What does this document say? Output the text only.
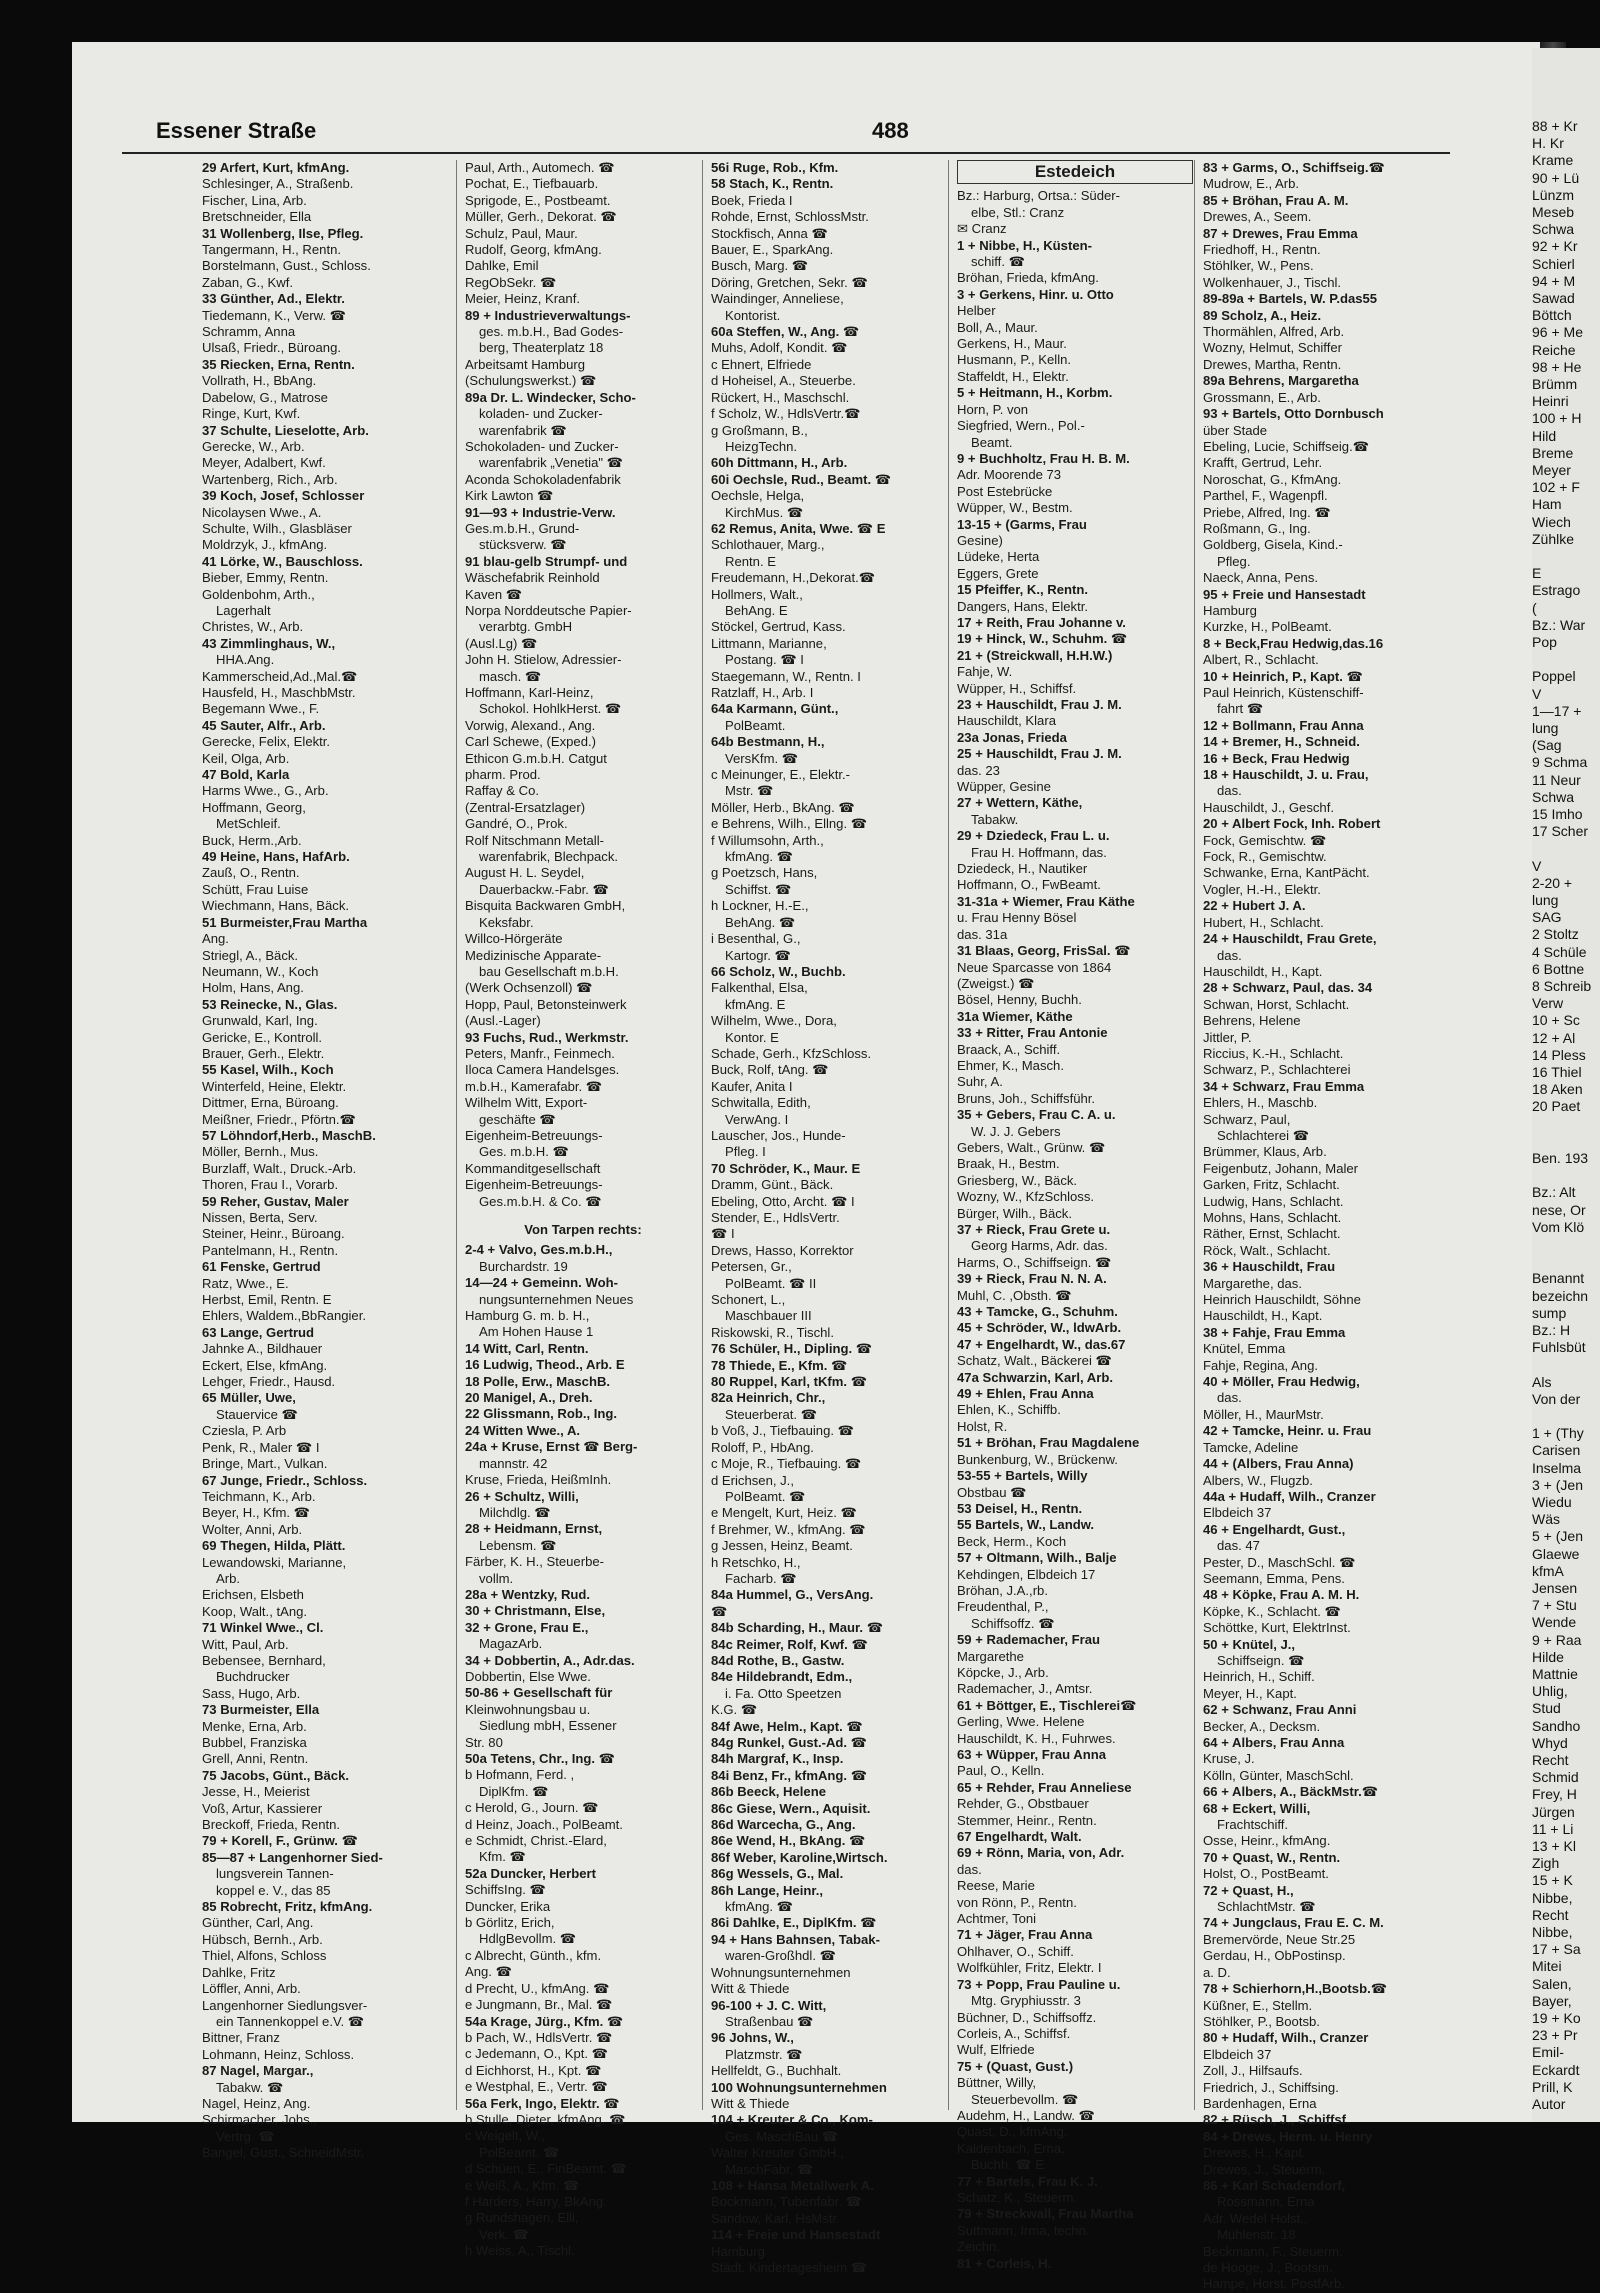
Essener Straße	488
29 Arfert, Kurt, kfmAng.
Schlesinger, A., Straßenb.
Fischer, Lina, Arb.
Bretschneider, Ella
31 Wollenberg, Ilse, Pfleg.
Tangermann, H., Rentn.
Borstelmann, Gust., Schloss.
Zaban, G., Kwf.
33 Günther, Ad., Elektr.
Tiedemann, K., Verw. ☎
Schramm, Anna
Ulsaß, Friedr., Büroang.
35 Riecken, Erna, Rentn.
Vollrath, H., BbAng.
Dabelow, G., Matrose
Ringe, Kurt, Kwf.
37 Schulte, Lieselotte, Arb.
Gerecke, W., Arb.
Meyer, Adalbert, Kwf.
Wartenberg, Rich., Arb.
39 Koch, Josef, Schlosser
Nicolaysen Wwe., A.
Schulte, Wilh., Glasbläser
Moldrzyk, J., kfmAng.
41 Lörke, W., Bauschloss.
Bieber, Emmy, Rentn.
Goldenbohm, Arth.,
Lagerhalt
Christes, W., Arb.
43 Zimmlinghaus, W.,
HHA.Ang.
Kammerscheid,Ad.,Mal.☎
Hausfeld, H., MaschbMstr.
Begemann Wwe., F.
45 Sauter, Alfr., Arb.
Gerecke, Felix, Elektr.
Keil, Olga, Arb.
47 Bold, Karla
Harms Wwe., G., Arb.
Hoffmann, Georg,
MetSchleif.
Buck, Herm.,Arb.
49 Heine, Hans, HafArb.
Zauß, O., Rentn.
Schütt, Frau Luise
Wiechmann, Hans, Bäck.
51 Burmeister,Frau Martha
Ang.
Striegl, A., Bäck.
Neumann, W., Koch
Holm, Hans, Ang.
53 Reinecke, N., Glas.
Grunwald, Karl, Ing.
Gericke, E., Kontroll.
Brauer, Gerh., Elektr.
55 Kasel, Wilh., Koch
Winterfeld, Heine, Elektr.
Dittmer, Erna, Büroang.
Meißner, Friedr., Pförtn.☎
57 Löhndorf,Herb., MaschB.
Möller, Bernh., Mus.
Burzlaff, Walt., Druck.-Arb.
Thoren, Frau I., Vorarb.
59 Reher, Gustav, Maler
Nissen, Berta, Serv.
Steiner, Heinr., Büroang.
Pantelmann, H., Rentn.
61 Fenske, Gertrud
Ratz, Wwe., E.
Herbst, Emil, Rentn. E
Ehlers, Waldem.,BbRangier.
63 Lange, Gertrud
Jahnke A., Bildhauer
Eckert, Else, kfmAng.
Lehger, Friedr., Hausd.
65 Müller, Uwe,
Stauervice ☎
Cziesla, P. Arb
Penk, R., Maler ☎ I
Bringe, Mart., Vulkan.
67 Junge, Friedr., Schloss.
Teichmann, K., Arb.
Beyer, H., Kfm. ☎
Wolter, Anni, Arb.
69 Thegen, Hilda, Plätt.
Lewandowski, Marianne,
Arb.
Erichsen, Elsbeth
Koop, Walt., tAng.
71 Winkel Wwe., Cl.
Witt, Paul, Arb.
Bebensee, Bernhard,
Buchdrucker
Sass, Hugo, Arb.
73 Burmeister, Ella
Menke, Erna, Arb.
Bubbel, Franziska
Grell, Anni, Rentn.
75 Jacobs, Günt., Bäck.
Jesse, H., Meierist
Voß, Artur, Kassierer
Breckoff, Frieda, Rentn.
79 + Korell, F., Grünw. ☎
85—87 + Langenhorner Sied-
lungsverein Tannen-
koppel e. V., das 85
85 Robrecht, Fritz, kfmAng.
Günther, Carl, Ang.
Hübsch, Bernh., Arb.
Thiel, Alfons, Schloss
Dahlke, Fritz
Löffler, Anni, Arb.
Langenhorner Siedlungsver-
ein Tannenkoppel e.V. ☎
Bittner, Franz
Lohmann, Heinz, Schloss.
87 Nagel, Margar.,
Tabakw. ☎
Nagel, Heinz, Ang.
Schirmacher, Johs.,
Vertrg. ☎
Bangel, Gust., SchneidMstr.
Paul, Arth., Automech. ☎
Pochat, E., Tiefbauarb.
Sprigode, E., Postbeamt.
Müller, Gerh., Dekorat. ☎
Schulz, Paul, Maur.
Rudolf, Georg, kfmAng.
Dahlke, Emil
RegObSekr. ☎
Meier, Heinz, Kranf.
89 + Industrieverwaltungs-
ges. m.b.H., Bad Godes-
berg, Theaterplatz 18
Arbeitsamt Hamburg
(Schulungswerkst.) ☎
89a Dr. L. Windecker, Scho-
koladen- und Zucker-
warenfabrik ☎
Schokoladen- und Zucker-
warenfabrik „Venetia" ☎
Aconda Schokoladenfabrik
Kirk Lawton ☎
91—93 + Industrie-Verw.
Ges.m.b.H., Grund-
stücksverw. ☎
91 blau-gelb Strumpf- und
Wäschefabrik Reinhold
Kaven ☎
Norpa Norddeutsche Papier-
verarbtg. GmbH
(Ausl.Lg) ☎
John H. Stielow, Adressier-
masch. ☎
Hoffmann, Karl-Heinz,
Schokol. HohlkHerst. ☎
Vorwig, Alexand., Ang.
Carl Schewe, (Exped.)
Ethicon G.m.b.H. Catgut
pharm. Prod.
Raffay & Co.
(Zentral-Ersatzlager)
Gandré, O., Prok.
Rolf Nitschmann Metall-
warenfabrik, Blechpack.
August H. L. Seydel,
Dauerbackw.-Fabr. ☎
Bisquita Backwaren GmbH,
Keksfabr.
Willco-Hörgeräte
Medizinische Apparate-
bau Gesellschaft m.b.H.
(Werk Ochsenzoll) ☎
Hopp, Paul, Betonsteinwerk
(Ausl.-Lager)
93 Fuchs, Rud., Werkmstr.
Peters, Manfr., Feinmech.
Iloca Camera Handelsges.
m.b.H., Kamerafabr. ☎
Wilhelm Witt, Export-
geschäfte ☎
Eigenheim-Betreuungs-
Ges. m.b.H. ☎
Kommanditgesellschaft
Eigenheim-Betreuungs-
Ges.m.b.H. & Co. ☎
Von Tarpen rechts:
2-4 + Valvo, Ges.m.b.H.,
Burchardstr. 19
14—24 + Gemeinn. Woh-
nungsunternehmen Neues
Hamburg G. m. b. H.,
Am Hohen Hause 1
14 Witt, Carl, Rentn.
16 Ludwig, Theod., Arb. E
18 Polle, Erw., MaschB.
20 Manigel, A., Dreh.
22 Glissmann, Rob., Ing.
24 Witten Wwe., A.
24a + Kruse, Ernst ☎ Berg-
mannstr. 42
Kruse, Frieda, HeißmInh.
26 + Schultz, Willi,
Milchdlg. ☎
28 + Heidmann, Ernst,
Lebensm. ☎
Färber, K. H., Steuerbe-
vollm.
28a + Wentzky, Rud.
30 + Christmann, Else,
32 + Grone, Frau E.,
MagazArb.
34 + Dobbertin, A., Adr.das.
Dobbertin, Else Wwe.
50-86 + Gesellschaft für
Kleinwohnungsbau u.
Siedlung mbH, Essener
Str. 80
50a Tetens, Chr., Ing. ☎
b Hofmann, Ferd. ,
DiplKfm. ☎
c Herold, G., Journ. ☎
d Heinz, Joach., PolBeamt.
e Schmidt, Christ.-Elard,
Kfm. ☎
52a Duncker, Herbert
SchiffsIng. ☎
Duncker, Erika
b Görlitz, Erich,
HdlgBevollm. ☎
c Albrecht, Günth., kfm.
Ang. ☎
d Precht, U., kfmAng. ☎
e Jungmann, Br., Mal. ☎
54a Krage, Jürg., Kfm. ☎
b Pach, W., HdlsVertr. ☎
c Jedemann, O., Kpt. ☎
d Eichhorst, H., Kpt. ☎
e Westphal, E., Vertr. ☎
56a Ferk, Ingo, Elektr. ☎
b Stulle, Dieter, kfmAng. ☎
c Weigelt, W.,
PolBeamt. ☎
d Schüen, E., FinBeamt. ☎
e Weiß, A., Kfm. ☎
f Harders, Harry, BkAng.
g Rundshagen, Elli,
Verk. ☎
h Weiss, A., Tischl.
56i Ruge, Rob., Kfm.
58 Stach, K., Rentn.
Boek, Frieda I
Rohde, Ernst, SchlossMstr.
Stockfisch, Anna ☎
Bauer, E., SparkAng.
Busch, Marg. ☎
Döring, Gretchen, Sekr. ☎
Waindinger, Anneliese,
Kontorist.
60a Steffen, W., Ang. ☎
Muhs, Adolf, Kondit. ☎
c Ehnert, Elfriede
d Hoheisel, A., Steuerbe.
Rückert, H., Maschschl.
f Scholz, W., HdlsVertr.☎
g Großmann, B.,
HeizgTechn.
60h Dittmann, H., Arb.
60i Oechsle, Rud., Beamt. ☎
Oechsle, Helga,
KirchMus. ☎
62 Remus, Anita, Wwe. ☎ E
Schlothauer, Marg.,
Rentn. E
Freudemann, H.,Dekorat.☎
Hollmers, Walt.,
BehAng. E
Stöckel, Gertrud, Kass.
Littmann, Marianne,
Postang. ☎ I
Staegemann, W., Rentn. I
Ratzlaff, H., Arb. I
64a Karmann, Günt.,
PolBeamt.
64b Bestmann, H.,
VersKfm. ☎
c Meinunger, E., Elektr.-
Mstr. ☎
Möller, Herb., BkAng. ☎
e Behrens, Wilh., Ellng. ☎
f Willumsohn, Arth.,
kfmAng. ☎
g Poetzsch, Hans,
Schiffst. ☎
h Lockner, H.-E.,
BehAng. ☎
i Besenthal, G.,
Kartogr. ☎
66 Scholz, W., Buchb.
Falkenthal, Elsa,
kfmAng. E
Wilhelm, Wwe., Dora,
Kontor. E
Schade, Gerh., KfzSchloss.
Buck, Rolf, tAng. ☎
Kaufer, Anita I
Schwitalla, Edith,
VerwAng. I
Lauscher, Jos., Hunde-
Pfleg. I
70 Schröder, K., Maur. E
Dramm, Günt., Bäck.
Ebeling, Otto, Archt. ☎ I
Stender, E., HdlsVertr.
☎ I
Drews, Hasso, Korrektor
Petersen, Gr.,
PolBeamt. ☎ II
Schonert, L.,
Maschbauer III
Riskowski, R., Tischl.
76 Schüler, H., Dipling. ☎
78 Thiede, E., Kfm. ☎
80 Ruppel, Karl, tKfm. ☎
82a Heinrich, Chr.,
Steuerberat. ☎
b Voß, J., Tiefbauing. ☎
Roloff, P., HbAng.
c Moje, R., Tiefbauing. ☎
d Erichsen, J.,
PolBeamt. ☎
e Mengelt, Kurt, Heiz. ☎
f Brehmer, W., kfmAng. ☎
g Jessen, Heinz, Beamt.
h Retschko, H.,
Facharb. ☎
84a Hummel, G., VersAng.
☎
84b Scharding, H., Maur. ☎
84c Reimer, Rolf, Kwf. ☎
84d Rothe, B., Gastw.
84e Hildebrandt, Edm.,
i. Fa. Otto Speetzen
K.G. ☎
84f Awe, Helm., Kapt. ☎
84g Runkel, Gust.-Ad. ☎
84h Margraf, K., Insp.
84i Benz, Fr., kfmAng. ☎
86b Beeck, Helene
86c Giese, Wern., Aquisit.
86d Warcecha, G., Ang.
86e Wend, H., BkAng. ☎
86f Weber, Karoline,Wirtsch.
86g Wessels, G., Mal.
86h Lange, Heinr.,
kfmAng. ☎
86i Dahlke, E., DiplKfm. ☎
94 + Hans Bahnsen, Tabak-
waren-Großhdl. ☎
Wohnungsunternehmen
Witt & Thiede
96-100 + J. C. Witt,
Straßenbau ☎
96 Johns, W.,
Platzmstr. ☎
Hellfeldt, G., Buchhalt.
100 Wohnungsunternehmen
Witt & Thiede
104 + Kreuter & Co., Kom-
Ges. MaschBau ☎
Walter Kreuter GmbH.,
MaschFabr. ☎
108 + Hansa Metallwerk A.
Bockmann, Tubenfabr. ☎
Sandow, Karl, HsMstr.
114 + Freie und Hansestadt
Hamburg
Städt. Kindertagesheim ☎
Estedeich
Bz.: Harburg, Ortsa.: Süder-
elbe, Stl.: Cranz
✉ Cranz
1 + Nibbe, H., Küsten-
schiff. ☎
Bröhan, Frieda, kfmAng.
3 + Gerkens, Hinr. u. Otto
Helber
Boll, A., Maur.
Gerkens, H., Maur.
Husmann, P., Kelln.
Staffeldt, H., Elektr.
5 + Heitmann, H., Korbm.
Horn, P. von
Siegfried, Wern., Pol.-
Beamt.
9 + Buchholtz, Frau H. B. M.
Adr. Moorende 73
Post Estebrücke
Wüpper, W., Bestm.
13-15 + (Garms, Frau
Gesine)
Lüdeke, Herta
Eggers, Grete
15 Pfeiffer, K., Rentn.
Dangers, Hans, Elektr.
17 + Reith, Frau Johanne v.
19 + Hinck, W., Schuhm. ☎
21 + (Streickwall, H.H.W.)
Fahje, W.
Wüpper, H., Schiffsf.
23 + Hauschildt, Frau J. M.
Hauschildt, Klara
23a Jonas, Frieda
25 + Hauschildt, Frau J. M.
das. 23
Wüpper, Gesine
27 + Wettern, Käthe,
Tabakw.
29 + Dziedeck, Frau L. u.
Frau H. Hoffmann, das.
Dziedeck, H., Nautiker
Hoffmann, O., FwBeamt.
31-31a + Wiemer, Frau Käthe
u. Frau Henny Bösel
das. 31a
31 Blaas, Georg, FrisSal. ☎
Neue Sparcasse von 1864
(Zweigst.) ☎
Bösel, Henny, Buchh.
31a Wiemer, Käthe
33 + Ritter, Frau Antonie
Braack, A., Schiff.
Ehmer, K., Masch.
Suhr, A.
Bruns, Joh., Schiffsführ.
35 + Gebers, Frau C. A. u.
W. J. J. Gebers
Gebers, Walt., Grünw. ☎
Braak, H., Bestm.
Griesberg, W., Bäck.
Wozny, W., KfzSchloss.
Bürger, Wilh., Bäck.
37 + Rieck, Frau Grete u.
Georg Harms, Adr. das.
Harms, O., Schiffseign. ☎
39 + Rieck, Frau N. N. A.
Muhl, C. ,Obsth. ☎
43 + Tamcke, G., Schuhm.
45 + Schröder, W., ldwArb.
47 + Engelhardt, W., das.67
Schatz, Walt., Bäckerei ☎
47a Schwarzin, Karl, Arb.
49 + Ehlen, Frau Anna
Ehlen, K., Schiffb.
Holst, R.
51 + Bröhan, Frau Magdalene
Bunkenburg, W., Brückenw.
53-55 + Bartels, Willy
Obstbau ☎
53 Deisel, H., Rentn.
55 Bartels, W., Landw.
Beck, Herm., Koch
57 + Oltmann, Wilh., Balje
Kehdingen, Elbdeich 17
Bröhan, J.A.,rb.
Freudenthal, P.,
Schiffsoffz. ☎
59 + Rademacher, Frau
Margarethe
Köpcke, J., Arb.
Rademacher, J., Amtsr.
61 + Böttger, E., Tischlerei☎
Gerling, Wwe. Helene
Hauschildt, K. H., Fuhrwes.
63 + Wüpper, Frau Anna
Paul, O., Kelln.
65 + Rehder, Frau Anneliese
Rehder, G., Obstbauer
Stemmer, Heinr., Rentn.
67 Engelhardt, Walt.
69 + Rönn, Maria, von, Adr.
das.
Reese, Marie
von Rönn, P., Rentn.
Achtmer, Toni
71 + Jäger, Frau Anna
Ohlhaver, O., Schiff.
Wolfkühler, Fritz, Elektr. I
73 + Popp, Frau Pauline u.
Mtg. Gryphiusstr. 3
Büchner, D., Schiffsoffz.
Corleis, A., Schiffsf.
Wulf, Elfriede
75 + (Quast, Gust.)
Büttner, Willy,
Steuerbevollm. ☎
Audehm, H., Landw. ☎
Quast, D., kfmAng.
Kaldenbach, Erna,
Buchh. ☎ E
77 + Bartels, Frau K. J.
Schatz, K., Steuerm.
79 + Streckwall, Frau Martha
Suttmann, Irma, techn.
Zeichn.
81 + Corleis, H.
83 + Garms, O., Schiffseig.☎
Mudrow, E., Arb.
85 + Bröhan, Frau A. M.
Drewes, A., Seem.
87 + Drewes, Frau Emma
Friedhoff, H., Rentn.
Stöhlker, W., Pens.
Wolkenhauer, J., Tischl.
89-89a + Bartels, W. P.das55
89 Scholz, A., Heiz.
Thormählen, Alfred, Arb.
Wozny, Helmut, Schiffer
Drewes, Martha, Rentn.
89a Behrens, Margaretha
Grossmann, E., Arb.
93 + Bartels, Otto Dornbusch
über Stade
Ebeling, Lucie, Schiffseig.☎
Krafft, Gertrud, Lehr.
Noroschat, G., KfmAng.
Parthel, F., Wagenpfl.
Priebe, Alfred, Ing. ☎
Roßmann, G., Ing.
Goldberg, Gisela, Kind.-
Pfleg.
Naeck, Anna, Pens.
95 + Freie und Hansestadt
Hamburg
Kurzke, H., PolBeamt.
8 + Beck,Frau Hedwig,das.16
Albert, R., Schlacht.
10 + Heinrich, P., Kapt. ☎
Paul Heinrich, Küstenschiff-
fahrt ☎
12 + Bollmann, Frau Anna
14 + Bremer, H., Schneid.
16 + Beck, Frau Hedwig
18 + Hauschildt, J. u. Frau,
das.
Hauschildt, J., Geschf.
20 + Albert Fock, Inh. Robert
Fock, Gemischtw. ☎
Fock, R., Gemischtw.
Schwanke, Erna, KantPächt.
Vogler, H.-H., Elektr.
22 + Hubert J. A.
Hubert, H., Schlacht.
24 + Hauschildt, Frau Grete,
das.
Hauschildt, H., Kapt.
28 + Schwarz, Paul, das. 34
Schwan, Horst, Schlacht.
Behrens, Helene
Jittler, P.
Riccius, K.-H., Schlacht.
Schwarz, P., Schlachterei
34 + Schwarz, Frau Emma
Ehlers, H., Maschb.
Schwarz, Paul,
Schlachterei ☎
Brümmer, Klaus, Arb.
Feigenbutz, Johann, Maler
Garken, Fritz, Schlacht.
Ludwig, Hans, Schlacht.
Mohns, Hans, Schlacht.
Räther, Ernst, Schlacht.
Röck, Walt., Schlacht.
36 + Hauschildt, Frau
Margarethe, das.
Heinrich Hauschildt, Söhne
Hauschildt, H., Kapt.
38 + Fahje, Frau Emma
Knütel, Emma
Fahje, Regina, Ang.
40 + Möller, Frau Hedwig,
das.
Möller, H., MaurMstr.
42 + Tamcke, Heinr. u. Frau
Tamcke, Adeline
44 + (Albers, Frau Anna)
Albers, W., Flugzb.
44a + Hudaff, Wilh., Cranzer
Elbdeich 37
46 + Engelhardt, Gust.,
das. 47
Pester, D., MaschSchl. ☎
Seemann, Emma, Pens.
48 + Köpke, Frau A. M. H.
Köpke, K., Schlacht. ☎
Schöttke, Kurt, ElektrInst.
50 + Knütel, J.,
Schiffseign. ☎
Heinrich, H., Schiff.
Meyer, H., Kapt.
62 + Schwanz, Frau Anni
Becker, A., Decksm.
64 + Albers, Frau Anna
Kruse, J.
Kölln, Günter, MaschSchl.
66 + Albers, A., BäckMstr.☎
68 + Eckert, Willi,
Frachtschiff.
Osse, Heinr., kfmAng.
70 + Quast, W., Rentn.
Holst, O., PostBeamt.
72 + Quast, H.,
SchlachtMstr. ☎
74 + Jungclaus, Frau E. C. M.
Bremervörde, Neue Str.25
Gerdau, H., ObPostinsp.
a. D.
78 + Schierhorn,H.,Bootsb.☎
Küßner, E., Stellm.
Stöhlker, P., Bootsb.
80 + Hudaff, Wilh., Cranzer
Elbdeich 37
Zoll, J., Hilfsaufs.
Friedrich, J., Schiffsing.
Bardenhagen, Erna
82 + Rüsch, J., Schiffsf.
84 + Drews, Herm. u. Henry
Drewes, H., Kapt.
Drewes, J., Steuerm.
86 + Karl Schadendorf,
Rossmann, Erna
Adr. Wedel Holst.,
Mühlenstr. 18
Beckmann, F., Steuerm.
de Hooge, J., Bootsm.
Hampe, Horst, PostfArb.
88 + Kr
H. Kr
Krame
90 + Lü
Lünzm
Meseb
Schwa
92 + Kr
Schierl
94 + M
Sawad
Böttch
96 + Me
Reiche
98 + He
Brümm
Heinri
100 + H
Hild
Breme
Meyer
102 + F
Ham
Wiech
Zühlke
E
Estrago
(
Bz.: War
Pop
Poppel
V
1—17 +
lung
(Sag
9 Schma
11 Neur
Schwa
15 Imho
17 Scher
V
2-20 +
lung
SAG
2 Stoltz
4 Schüle
6 Bottne
8 Schreib
Verw
10 + Sc
12 + Al
14 Pless
16 Thiel
18 Aken
20 Paet
Ben. 193
Bz.: Alt
nese, Or
Vom Klö
Benannt
bezeichn
sump
Bz.: H
Fuhlsbüt
Als
Von der
1 + (Thy
Carisen
Inselma
3 + (Jen
Wiedu
Wäs
5 + (Jen
Glaewe
kfmA
Jensen
7 + Stu
Wende
9 + Raa
Hilde
Mattnie
Uhlig,
Stud
Sandho
Whyd
Recht
Schmid
Frey, H
Jürgen
11 + Li
13 + Kl
Zigh
15 + K
Nibbe,
Recht
Nibbe,
17 + Sa
Mitei
Salen,
Bayer,
19 + Ko
23 + Pr
Emil-
Eckardt
Prill, K
Autor
